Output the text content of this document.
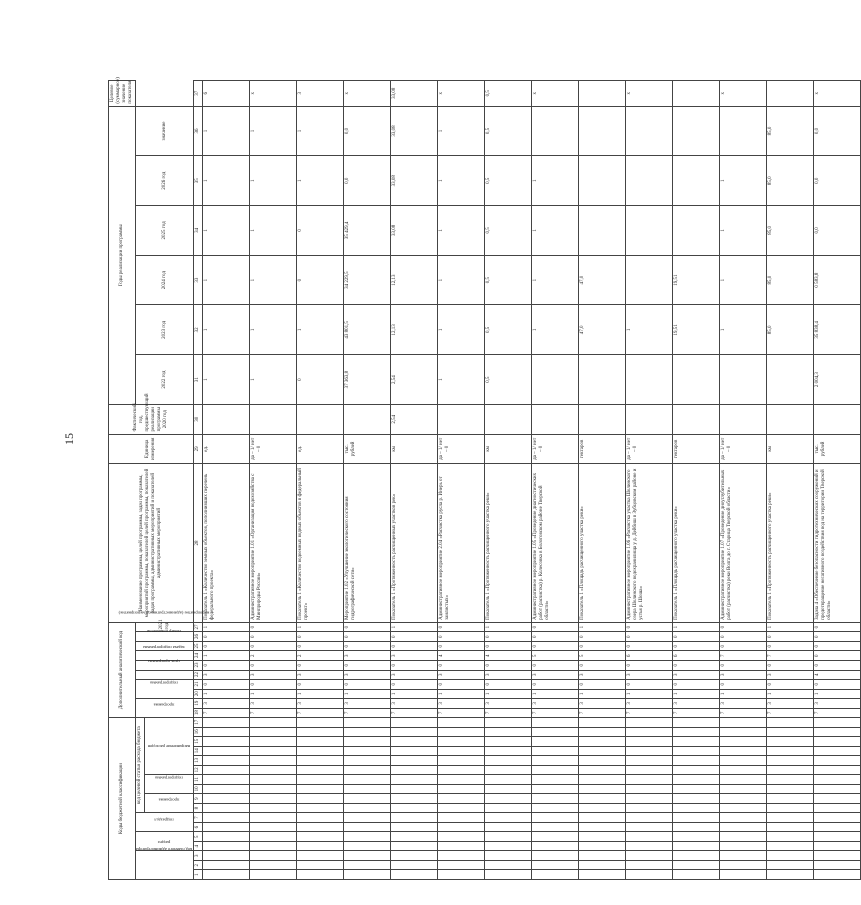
15
Коды бюджетной классификации																	Дополнительный аналитический код										Наименование программы, целей программы, задач программы, мероприятий программы, показателей целей программы, показателей задач программы, административных мероприятий и показателей административных мероприятий	Единица измерения	Фактический год, предшествующий реализации программы 2020 год	Годы реализации программы						Целевое (суммарное) значение показателя
код главного администратора			раздел		подраздел		код целевой статьи расхода бюджета										программа		подпрограмма		цель программы	задача подпрограммы	мероприятие (административное мероприятие)	номер показателя		2021 год				2022 год	2023 год	2024 год	2025 год	2026 год	значение	
							программа		подпрограмма		направление расходов																									
1	2	3	4	5	6	7	8	9	10	11	12	13	14	15	16	17	18	19	20	21	22	23	24	25	26	27	28	29	30	31	32	33	34	35	36	37
																	7	3	1	0	3	0	1	0	0	1	Показатель 1 «Количество земных объектов, пополнивших перечень федерального проекта»	ед.		1	1	1	1	1	1	6
																	7	3	1	0	3	0	2	0	0	0	Административное мероприятие 1.01 «Организация водохозяйства с Минприроды России»	да – 1/ нет – 0		1	1	1	1	1	1	х
																	7	3	1	0	3	0	2	0	0	1	Показатель 1 «Количество водоемных водных объектов в федеральный проект»	ед.		0	1	0	0	1	1	3
																	7	3	1	0	3	0	3	0	0	0	Мероприятие 1.02 «Улучшение экологического состояния гидрографической сети»	тыс. рублей		37 363,8	43 801,5	34 229,5	35 429,4	0,0	0,0	х
																	7	3	1	0	3	0	3	0	0	1	Показатель 1 «Протяженность расчищенных участков рек»	км	2,54	2,54	12,13	12,13	33,08	33,08	33,08	33,08
																	7	3	1	0	3	0	4	0	0	0	Административное мероприятие 2.04 «Расчистка русла р. Инерь от заилистых»	да – 1/ нет – 0		1	1	1	1	1	1	х
																	7	3	1	0	3	0	4	0	0	1	Показатель 1 «Протяженность расчищенного участка реки»	км		0,5	0,5	0,5	0,5	0,5	0,5	0,5
																	7	3	1	0	3	0	5	0	0	0	Административное мероприятие 1.05 «Проведение диагностических работ (расчистка) р. Колесовка в Бологовском районе Тверской области»	да – 1/ нет – 0			1	1	1	1		х
																	7	3	1	0	3	0	5	0	0	1	Показатель 1 «Площадь расчищенного участка реки»	гектаров			47,0	47,0				
																	7	3	1	0	3	0	6	0	0	0	Административное мероприятие 1.06 «Расчистка участка Шолинского озера Шолинского водохранилища у д. Дейбиш в Зубцовском районе и устья р. Шоша»	да – 1/ нет – 0			1					х
																	7	3	1	0	3	0	6	0	0	1	Показатель 1 «Площадь расчищенного участка реки»	гектаров			19,51	19,51				
																	7	3	1	0	3	0	7	0	0	0	Административное мероприятие 1.07 «Проведение дноуглубительных работ (расчистка) реки Волга до г. Старица Тверской области»	да – 1/ нет – 0			1	1	1	1		х
																	7	3	1	0	3	0	7	0	0	1	Показатель 1 «Протяженность расчищенного участка реки»	км			85,0	85,0	85,0	85,0	85,0	
																	7	3	1	0	4	0	0	0	0	0	Задача 4 «Обеспечение безопасности гидротехнических сооружений и предотвращение негативного воздействия вод на территории Тверской области»	тыс. рублей		2 004,3	35 838,4	0 583,8	0,0	0,0	0,0	х
